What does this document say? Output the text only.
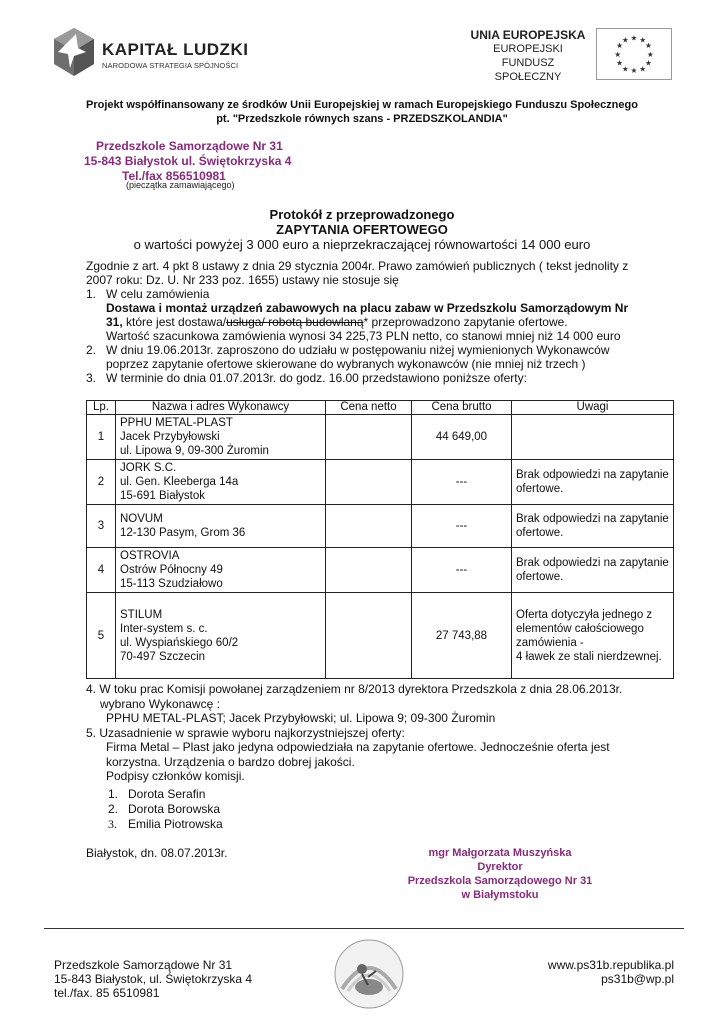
KAPITAŁ LUDZKI
NARODOWA STRATEGIA SPÓJNOŚCI
UNIA EUROPEJSKA
EUROPEJSKI
FUNDUSZ SPOŁECZNY
★ ★
★
★
★
★
★
★
★
★
★
★
Projekt współfinansowany ze środków Unii Europejskiej w ramach Europejskiego Funduszu Społecznego
pt. "Przedszkole równych szans - PRZEDSZKOLANDIA"
Przedszkole Samorządowe Nr 31
15-843 Białystok ul. Świętokrzyska 4
Tel./fax 856510981
(pieczątka zamawiającego)
Protokół z przeprowadzonego
ZAPYTANIA OFERTOWEGO
o wartości powyżej 3 000 euro a nieprzekraczającej równowartości 14 000 euro
Zgodnie z art. 4 pkt 8 ustawy z dnia 29 stycznia 2004r. Prawo zamówień publicznych ( tekst jednolity z
2007 roku: Dz. U. Nr 233 poz. 1655) ustawy nie stosuje się
1. W celu zamówienia
Dostawa i montaż urządzeń zabawowych na placu zabaw w Przedszkolu Samorządowym Nr
31, które jest dostawa/usługa/ robotą budowlaną* przeprowadzono zapytanie ofertowe.
Wartość szacunkowa zamówienia wynosi 34 225,73 PLN netto, co stanowi mniej niż 14 000 euro
2. W dniu 19.06.2013r. zaproszono do udziału w postępowaniu niżej wymienionych Wykonawców
poprzez zapytanie ofertowe skierowane do wybranych wykonawców (nie mniej niż trzech )
3. W terminie do dnia 01.07.2013r. do godz. 16.00 przedstawiono poniższe oferty:
Lp.	Nazwa i adres Wykonawcy	Cena netto	Cena brutto	Uwagi
1	PPHU METAL-PLAST
Jacek Przybyłowski
ul. Lipowa 9, 09-300 Żuromin		44 649,00	
2	JORK S.C.
ul. Gen. Kleeberga 14a
15-691 Białystok		---	Brak odpowiedzi na zapytanie ofertowe.
3	NOVUM
12-130 Pasym, Grom 36		---	Brak odpowiedzi na zapytanie ofertowe.
4	OSTROVIA
Ostrów Północny 49
15-113 Szudziałowo		---	Brak odpowiedzi na zapytanie ofertowe.
5	STILUM
Inter-system s. c.
ul. Wyspiańskiego 60/2
70-497 Szczecin		27 743,88	Oferta dotyczyła jednego z elementów całościowego zamówienia -
4 ławek ze stali nierdzewnej.
4. W toku prac Komisji powołanej zarządzeniem nr 8/2013 dyrektora Przedszkola z dnia 28.06.2013r.
wybrano Wykonawcę :
PPHU METAL-PLAST; Jacek Przybyłowski; ul. Lipowa 9; 09-300 Żuromin
5. Uzasadnienie w sprawie wyboru najkorzystniejszej oferty:
Firma Metal – Plast jako jedyna odpowiedziała na zapytanie ofertowe. Jednocześnie oferta jest
korzystna. Urządzenia o bardzo dobrej jakości.
Podpisy członków komisji.
1. Dorota Serafin
2. Dorota Borowska
3. Emilia Piotrowska
Białystok, dn. 08.07.2013r.	mgr Małgorzata Muszyńska
Dyrektor
Przedszkola Samorządowego Nr 31
w Białymstoku
Przedszkole Samorządowe Nr 31
15-843 Białystok, ul. Świętokrzyska 4
tel./fax. 85 6510981
www.ps31b.republika.pl
ps31b@wp.pl
